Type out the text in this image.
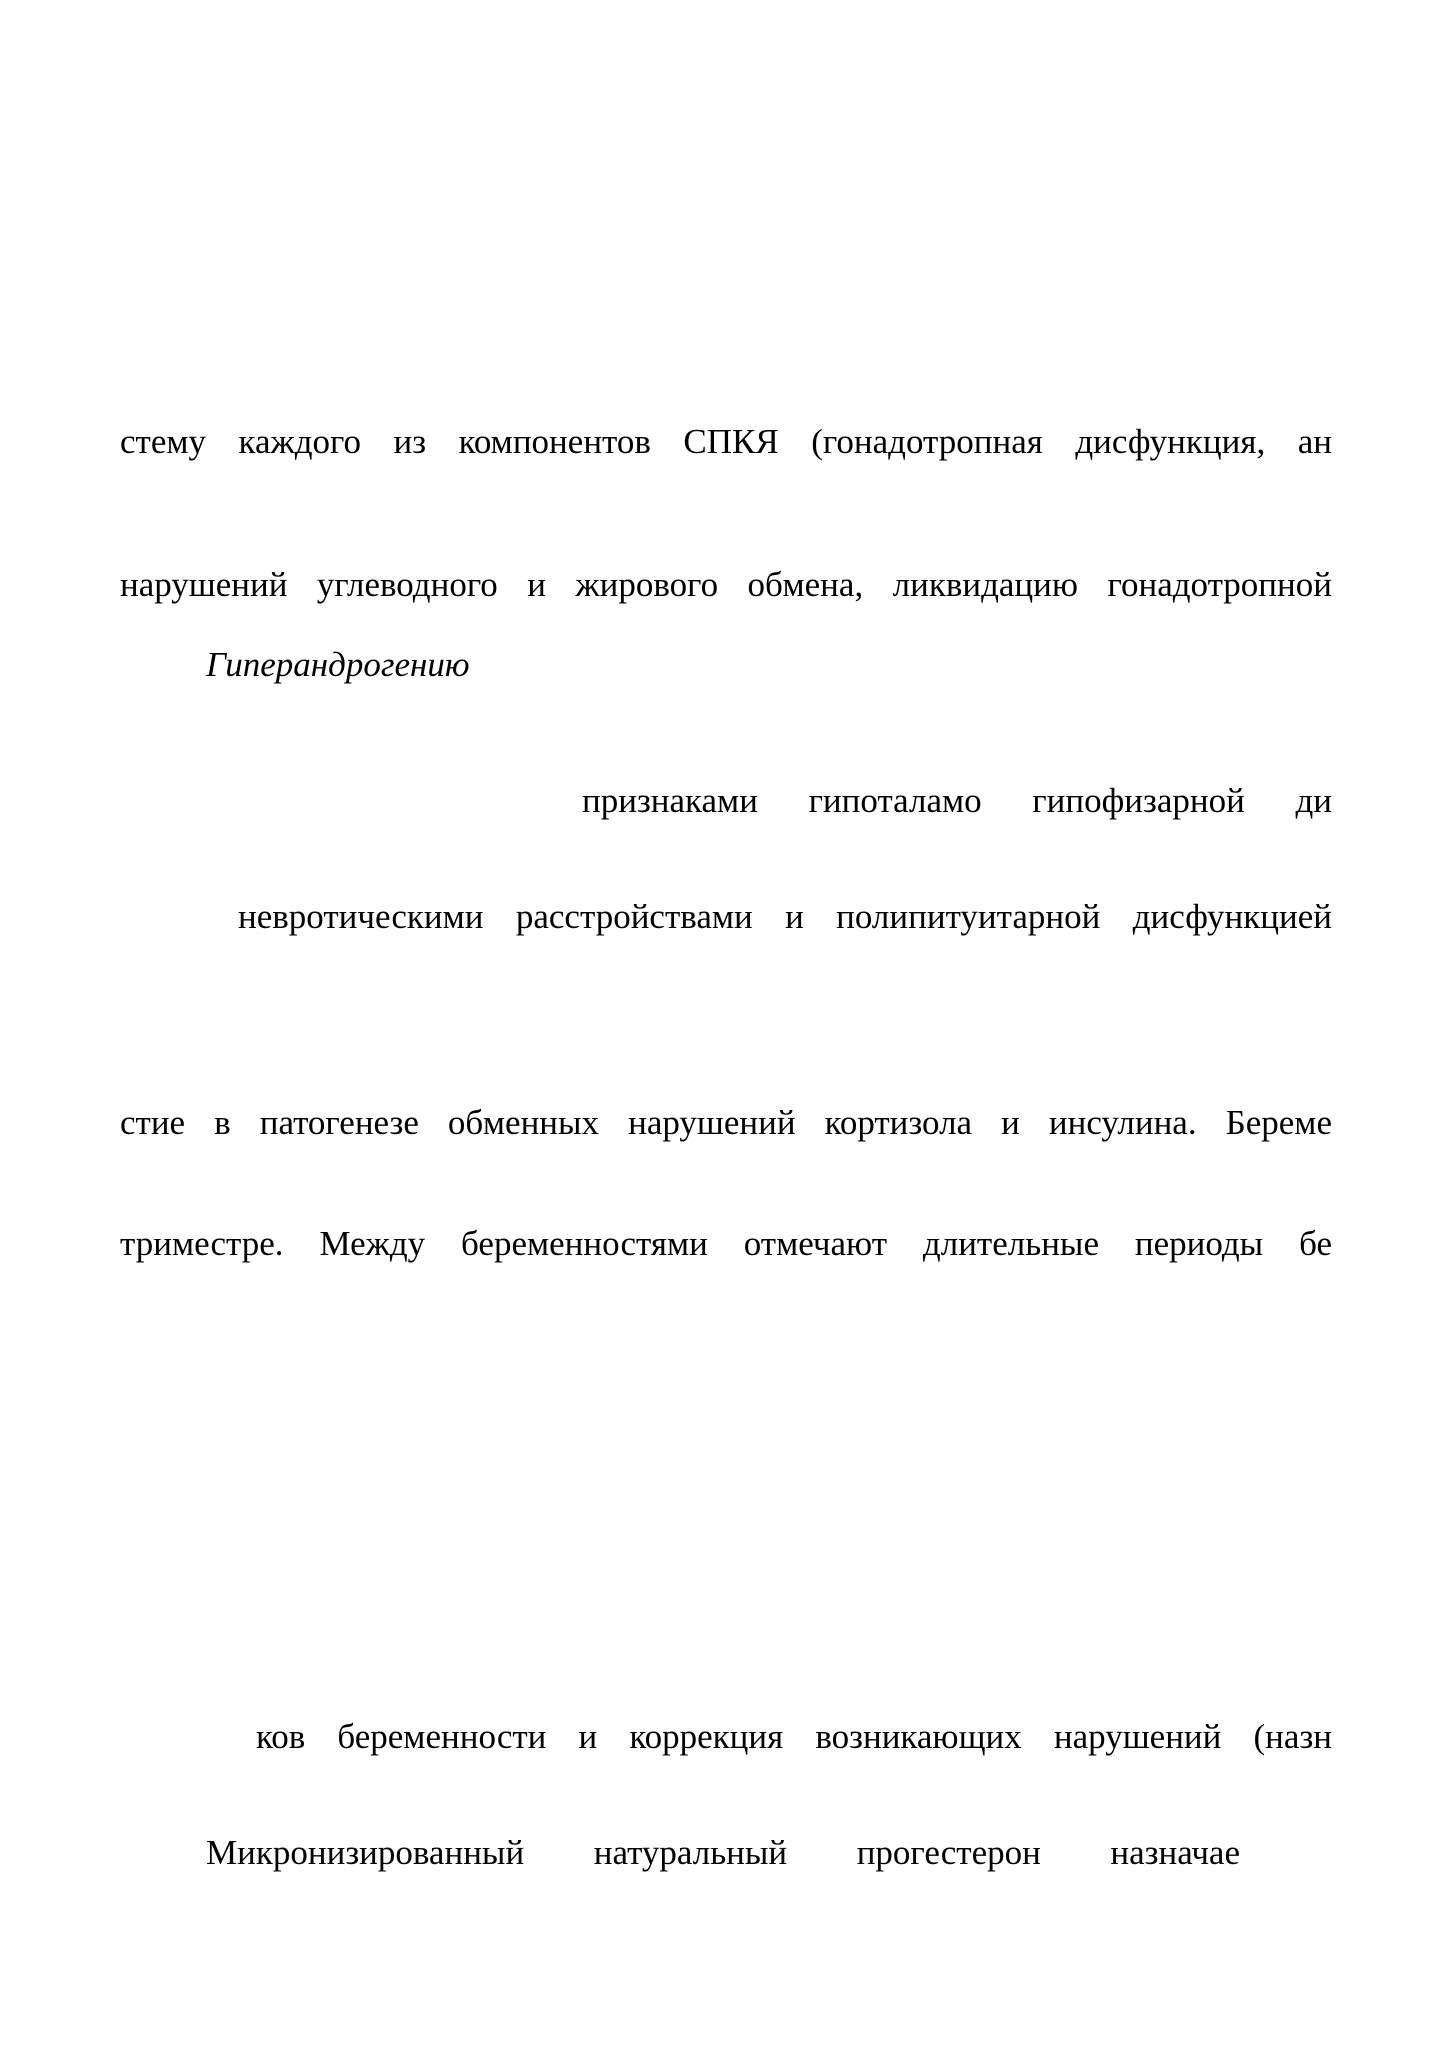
стему каждого из компонентов СПКЯ (гонадотропная дисфункция, ан
нарушений углеводного и жирового обмена, ликвидацию гонадотропной
Гиперандрогению
признаками гипоталамо гипофизарной ди
невротическими расстройствами и полипитуитарной дисфункцией
стие в патогенезе обменных нарушений кортизола и инсулина. Береме
триместре. Между беременностями отмечают длительные периоды бе
ков беременности и коррекция возникающих нарушений (назн
Микронизированный натуральный прогестерон назначае
